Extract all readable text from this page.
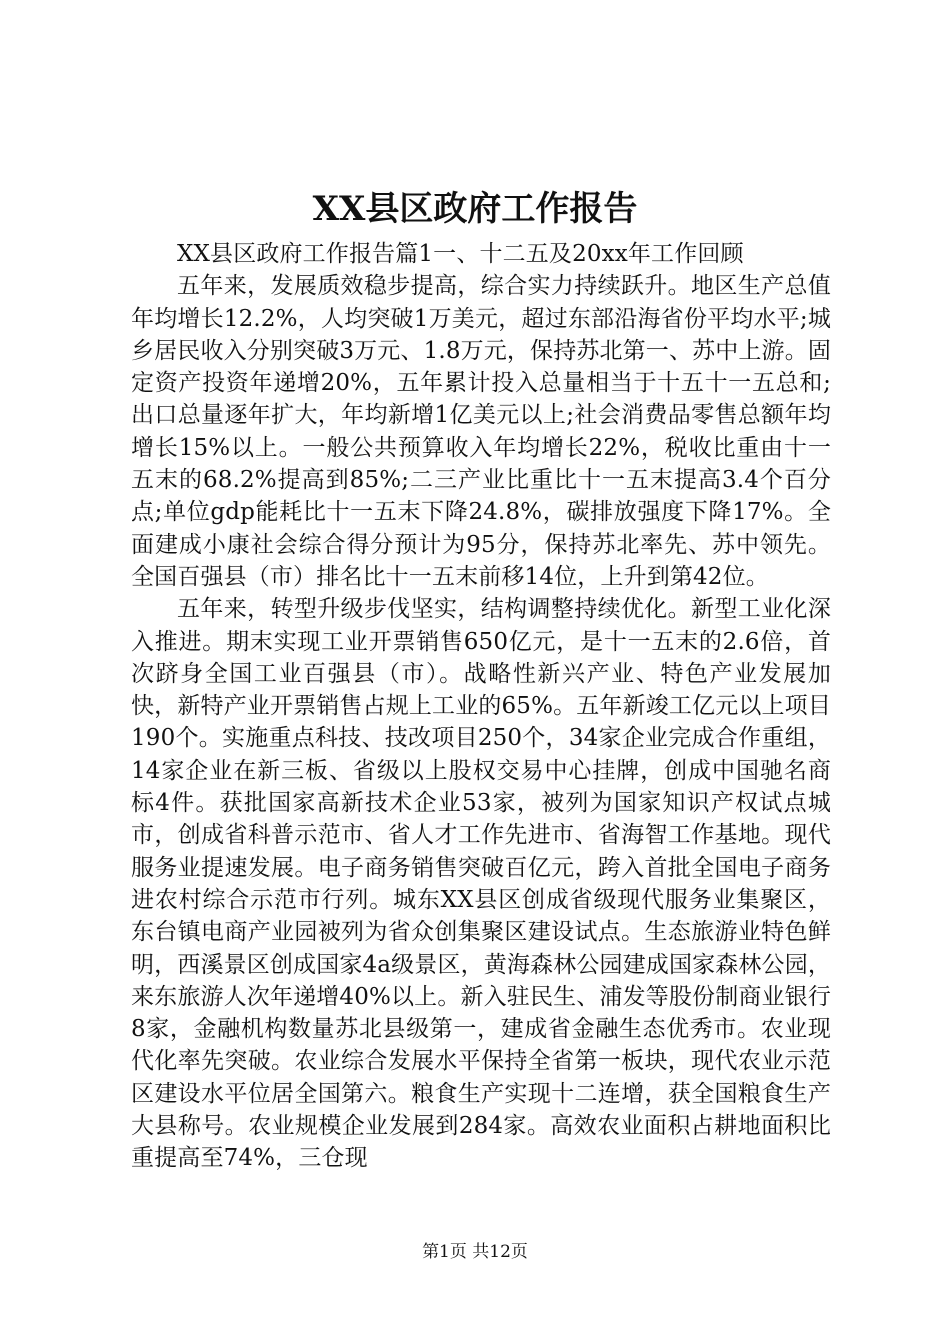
XX县区政府工作报告

XX县区政府工作报告篇1一、十二五及20xx年工作回顾

五年来，发展质效稳步提高，综合实力持续跃升。地区生产总值年均增长12.2%，人均突破1万美元，超过东部沿海省份平均水平;城乡居民收入分别突破3万元、1.8万元，保持苏北第一、苏中上游。固定资产投资年递增20%，五年累计投入总量相当于十五十一五总和;出口总量逐年扩大，年均新增1亿美元以上;社会消费品零售总额年均增长15%以上。一般公共预算收入年均增长22%，税收比重由十一五末的68.2%提高到85%;二三产业比重比十一五末提高3.4个百分点;单位gdp能耗比十一五末下降24.8%，碳排放强度下降17%。全面建成小康社会综合得分预计为95分，保持苏北率先、苏中领先。全国百强县（市）排名比十一五末前移14位，上升到第42位。

五年来，转型升级步伐坚实，结构调整持续优化。新型工业化深入推进。期末实现工业开票销售650亿元，是十一五末的2.6倍，首次跻身全国工业百强县（市）。战略性新兴产业、特色产业发展加快，新特产业开票销售占规上工业的65%。五年新竣工亿元以上项目190个。实施重点科技、技改项目250个，34家企业完成合作重组，14家企业在新三板、省级以上股权交易中心挂牌，创成中国驰名商标4件。获批国家高新技术企业53家，被列为国家知识产权试点城市，创成省科普示范市、省人才工作先进市、省海智工作基地。现代服务业提速发展。电子商务销售突破百亿元，跨入首批全国电子商务进农村综合示范市行列。城东XX县区创成省级现代服务业集聚区，东台镇电商产业园被列为省众创集聚区建设试点。生态旅游业特色鲜明，西溪景区创成国家4a级景区，黄海森林公园建成国家森林公园，来东旅游人次年递增40%以上。新入驻民生、浦发等股份制商业银行8家，金融机构数量苏北县级第一，建成省金融生态优秀市。农业现代化率先突破。农业综合发展水平保持全省第一板块，现代农业示范区建设水平位居全国第六。粮食生产实现十二连增，获全国粮食生产大县称号。农业规模企业发展到284家。高效农业面积占耕地面积比重提高至74%，三仓现

第1页 共12页
